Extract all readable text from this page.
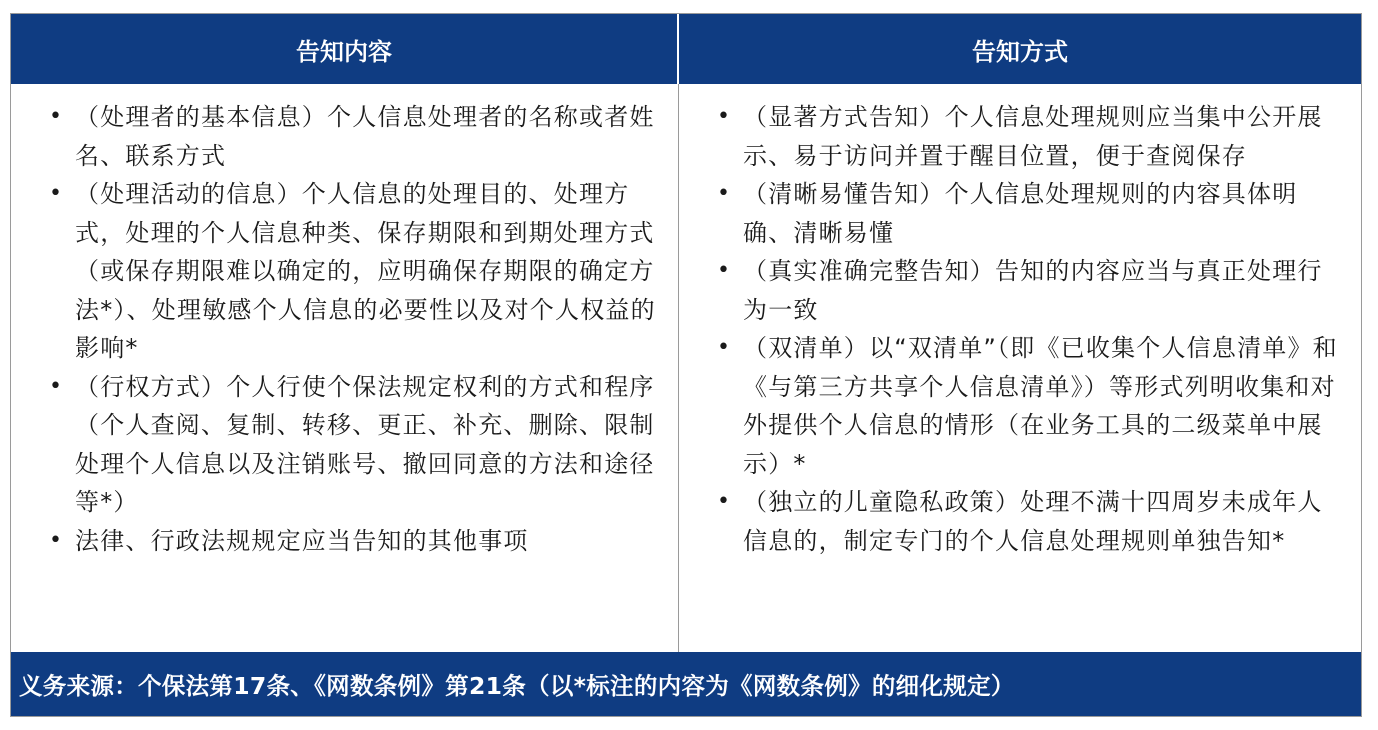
告知内容	告知方式
• （处理者的基本信息）个人信息处理者的名称或者姓名、联系方式
• （处理活动的信息）个人信息的处理目的、处理方式，处理的个人信息种类、保存期限和到期处理方式（或保存期限难以确定的，应明确保存期限的确定方法*）、处理敏感个人信息的必要性以及对个人权益的影响*
• （行权方式）个人行使个保法规定权利的方式和程序（个人查阅、复制、转移、更正、补充、删除、限制处理个人信息以及注销账号、撤回同意的方法和途径等*）
• 法律、行政法规规定应当告知的其他事项
• （显著方式告知）个人信息处理规则应当集中公开展示、易于访问并置于醒目位置，便于查阅保存
• （清晰易懂告知）个人信息处理规则的内容具体明确、清晰易懂
• （真实准确完整告知）告知的内容应当与真正处理行为一致
• （双清单）以“双清单”（即《已收集个人信息清单》和《与第三方共享个人信息清单》）等形式列明收集和对外提供个人信息的情形（在业务工具的二级菜单中展示）*
• （独立的儿童隐私政策）处理不满十四周岁未成年人信息的，制定专门的个人信息处理规则单独告知*
义务来源：个保法第17条、《网数条例》第21条（以*标注的内容为《网数条例》的细化规定）
